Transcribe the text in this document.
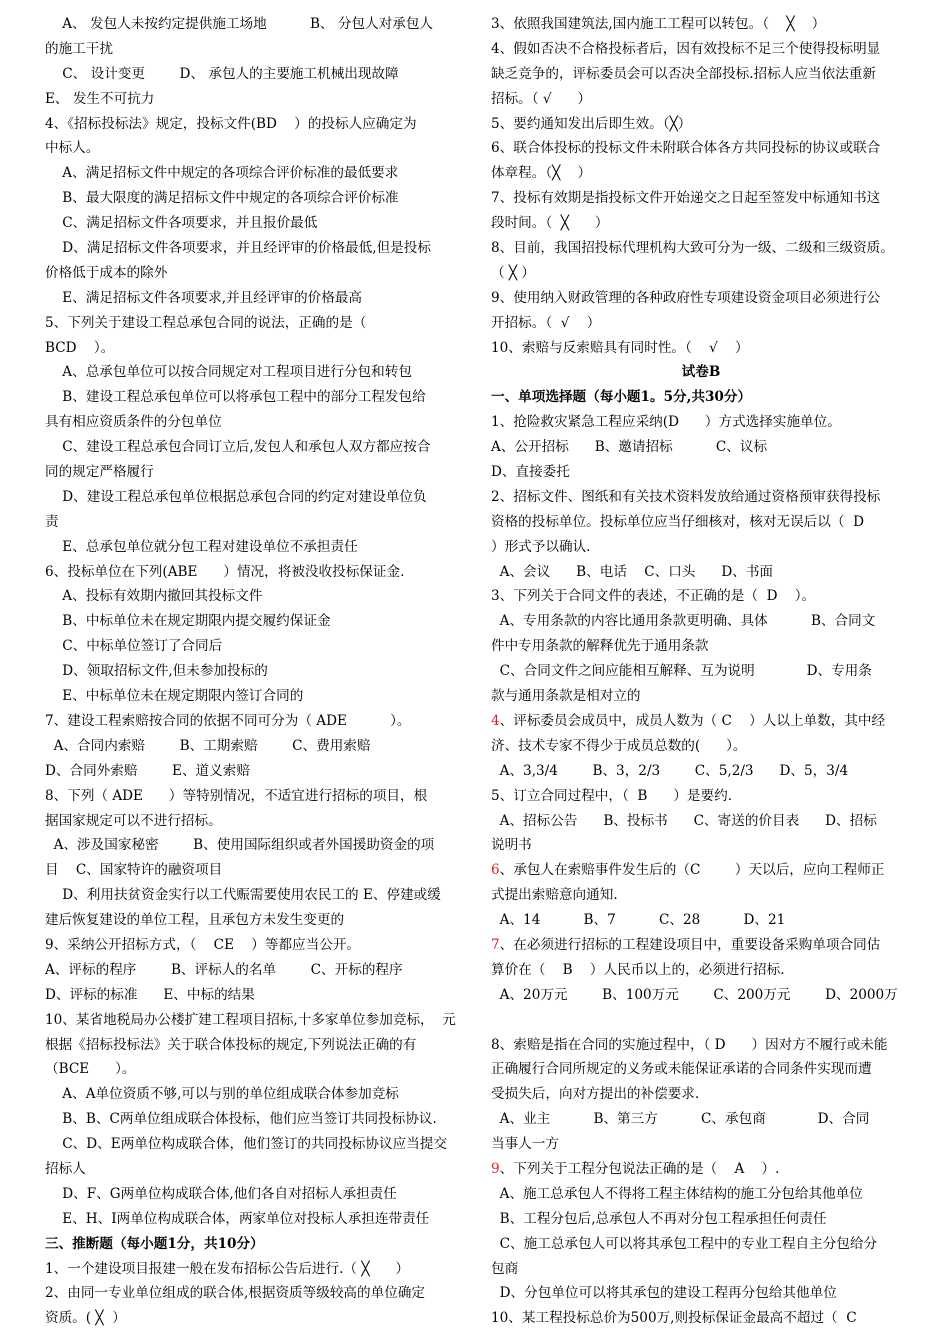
A、 发包人未按约定提供施工场地          B、 分包人对承包人
的施工干扰
C、 设计变更        D、 承包人的主要施工机械出现故障
E、 发生不可抗力
4、《招标投标法》规定，投标文件(BD    ）的投标人应确定为
中标人。
A、满足招标文件中规定的各项综合评价标准的最低要求
B、最大限度的满足招标文件中规定的各项综合评价标准
C、满足招标文件各项要求，并且报价最低
D、满足招标文件各项要求，并且经评审的价格最低,但是投标
价格低于成本的除外
E、满足招标文件各项要求,并且经评审的价格最高
5、下列关于建设工程总承包合同的说法，正确的是（
BCD    ）。
A、总承包单位可以按合同规定对工程项目进行分包和转包
B、建设工程总承包单位可以将承包工程中的部分工程发包给
具有相应资质条件的分包单位
C、建设工程总承包合同订立后,发包人和承包人双方都应按合
同的规定严格履行
D、建设工程总承包单位根据总承包合同的约定对建设单位负
责
E、总承包单位就分包工程对建设单位不承担责任
6、投标单位在下列(ABE      ）情况，将被没收投标保证金.
A、投标有效期内撤回其投标文件
B、中标单位未在规定期限内提交履约保证金
C、中标单位签订了合同后
D、领取招标文件,但未参加投标的
E、中标单位未在规定期限内签订合同的
7、建设工程索赔按合同的依据不同可分为（ ADE          ）。
A、合同内索赔        B、工期索赔        C、费用索赔
D、合同外索赔        E、道义索赔
8、下列（ ADE      ）等特别情况，不适宜进行招标的项目，根
据国家规定可以不进行招标。
A、涉及国家秘密        B、使用国际组织或者外国援助资金的项
目    C、国家特许的融资项目
D、利用扶贫资金实行以工代赈需要使用农民工的 E、停建或缓
建后恢复建设的单位工程，且承包方未发生变更的
9、采纳公开招标方式，（    CE    ）等都应当公开。
A、评标的程序        B、评标人的名单        C、开标的程序
D、评标的标准      E、中标的结果
10、某省地税局办公楼扩建工程项目招标,十多家单位参加竞标，  元
根据《招标投标法》关于联合体投标的规定,下列说法正确的有
（BCE      ）。
A、A单位资质不够,可以与别的单位组成联合体参加竞标
B、B、C两单位组成联合体投标，他们应当签订共同投标协议.
C、D、E两单位构成联合体，他们签订的共同投标协议应当提交
招标人
D、F、G两单位构成联合体,他们各自对招标人承担责任
E、H、I两单位构成联合体，两家单位对投标人承担连带责任
三、推断题（每小题1分，共10分）
1、一个建设项目报建一般在发布招标公告后进行.（ ╳      ）
2、由同一专业单位组成的联合体,根据资质等级较高的单位确定
资质。( ╳  ）
3、依照我国建筑法,国内施工工程可以转包。（    ╳    ）
4、假如否决不合格投标者后，因有效投标不足三个使得投标明显
缺乏竞争的，评标委员会可以否决全部投标.招标人应当依法重新
招标。（ √      ）
5、要约通知发出后即生效。（╳）
6、联合体投标的投标文件未附联合体各方共同投标的协议或联合
体章程。（╳    ）
7、投标有效期是指投标文件开始递交之日起至签发中标通知书这
段时间。（  ╳      ）
8、目前，我国招投标代理机构大致可分为一级、二级和三级资质。
（ ╳ ）
9、使用纳入财政管理的各种政府性专项建设资金项目必须进行公
开招标。（  √    ）
10、索赔与反索赔具有同时性。（    √    ）
试卷B
一、单项选择题（每小题1。5分,共30分）
1、抢险救灾紧急工程应采纳(D      ）方式选择实施单位。
A、公开招标      B、邀请招标          C、议标
D、直接委托
2、招标文件、图纸和有关技术资料发放给通过资格预审获得投标
资格的投标单位。投标单位应当仔细核对，核对无误后以（  D
）形式予以确认.
A、会议      B、电话    C、口头      D、书面
3、下列关于合同文件的表述，不正确的是（  D    ）。
A、专用条款的内容比通用条款更明确、具体          B、合同文
件中专用条款的解释优先于通用条款
C、合同文件之间应能相互解释、互为说明            D、专用条
款与通用条款是相对立的
4、评标委员会成员中，成员人数为（ C    ）人以上单数，其中经
济、技术专家不得少于成员总数的(      ）。
A、3,3/4        B、3，2/3        C、5,2/3      D、5，3/4
5、订立合同过程中，（  B      ）是要约.
A、招标公告      B、投标书      C、寄送的价目表      D、招标
说明书
6、承包人在索赔事件发生后的（C        ）天以后，应向工程师正
式提出索赔意向通知.
A、14          B、7          C、28          D、21
7、在必须进行招标的工程建设项目中，重要设备采购单项合同估
算价在（    B    ）人民币以上的，必须进行招标.
A、20万元        B、100万元        C、200万元        D、2000万
8、索赔是指在合同的实施过程中，（ D      ）因对方不履行或未能
正确履行合同所规定的义务或未能保证承诺的合同条件实现而遭
受损失后，向对方提出的补偿要求.
A、业主          B、第三方          C、承包商            D、合同
当事人一方
9、下列关于工程分包说法正确的是（    A    ）.
A、施工总承包人不得将工程主体结构的施工分包给其他单位
B、工程分包后,总承包人不再对分包工程承担任何责任
C、施工总承包人可以将其承包工程中的专业工程自主分包给分
包商
D、分包单位可以将其承包的建设工程再分包给其他单位
10、某工程投标总价为500万,则投标保证金最高不超过（  C
